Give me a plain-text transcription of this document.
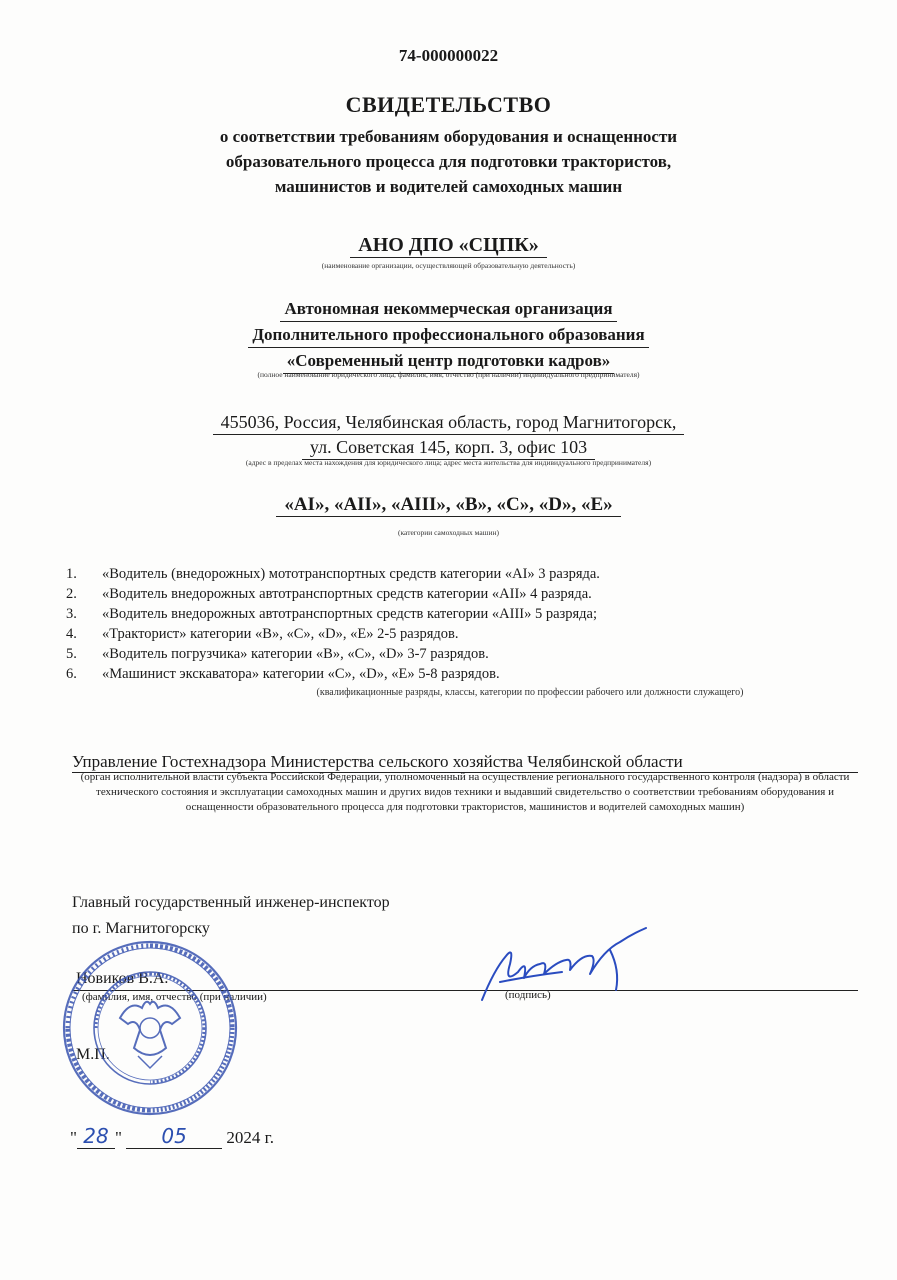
74-000000022
СВИДЕТЕЛЬСТВО
о соответствии требованиям оборудования и оснащенности
образовательного процесса для подготовки трактористов,
машинистов и водителей самоходных машин
АНО ДПО «СЦПК»
(наименование организации, осуществляющей образовательную деятельность)
Автономная некоммерческая организация
Дополнительного профессионального образования
«Современный центр подготовки кадров»
(полное наименование юридического лица, фамилия, имя, отчество (при наличии) индивидуального предпринимателя)
455036, Россия, Челябинская область, город Магнитогорск,
ул. Советская 145, корп. 3, офис 103
(адрес в пределах места нахождения для юридического лица; адрес места жительства для индивидуального предпринимателя)
«AI», «AII», «AIII», «B», «C», «D», «E»
(категории самоходных машин)
1.	«Водитель (внедорожных) мототранспортных средств категории «AI» 3 разряда.
2.	«Водитель внедорожных автотранспортных средств категории «AII» 4 разряда.
3.	«Водитель внедорожных автотранспортных средств категории «AIII» 5 разряда;
4.	«Тракторист» категории «B», «C», «D», «E» 2-5 разрядов.
5.	«Водитель погрузчика» категории «B», «C», «D» 3-7 разрядов.
6.	«Машинист экскаватора» категории «C», «D», «E» 5-8 разрядов.
(квалификационные разряды, классы, категории по профессии рабочего или должности служащего)
Управление Гостехнадзора Министерства сельского хозяйства Челябинской области
(орган исполнительной власти субъекта Российской Федерации, уполномоченный на осуществление регионального государственного контроля (надзора) в области технического состояния и эксплуатации самоходных машин и других видов техники и выдавший свидетельство о соответствии требованиям оборудования и оснащенности образовательного процесса для подготовки трактористов, машинистов и водителей самоходных машин)
Главный государственный инженер-инспектор
по г. Магнитогорску
Новиков В.А.
(фамилия, имя, отчество (при наличии)	(подпись)
М.П.
" 28 " 05 2024 г.
